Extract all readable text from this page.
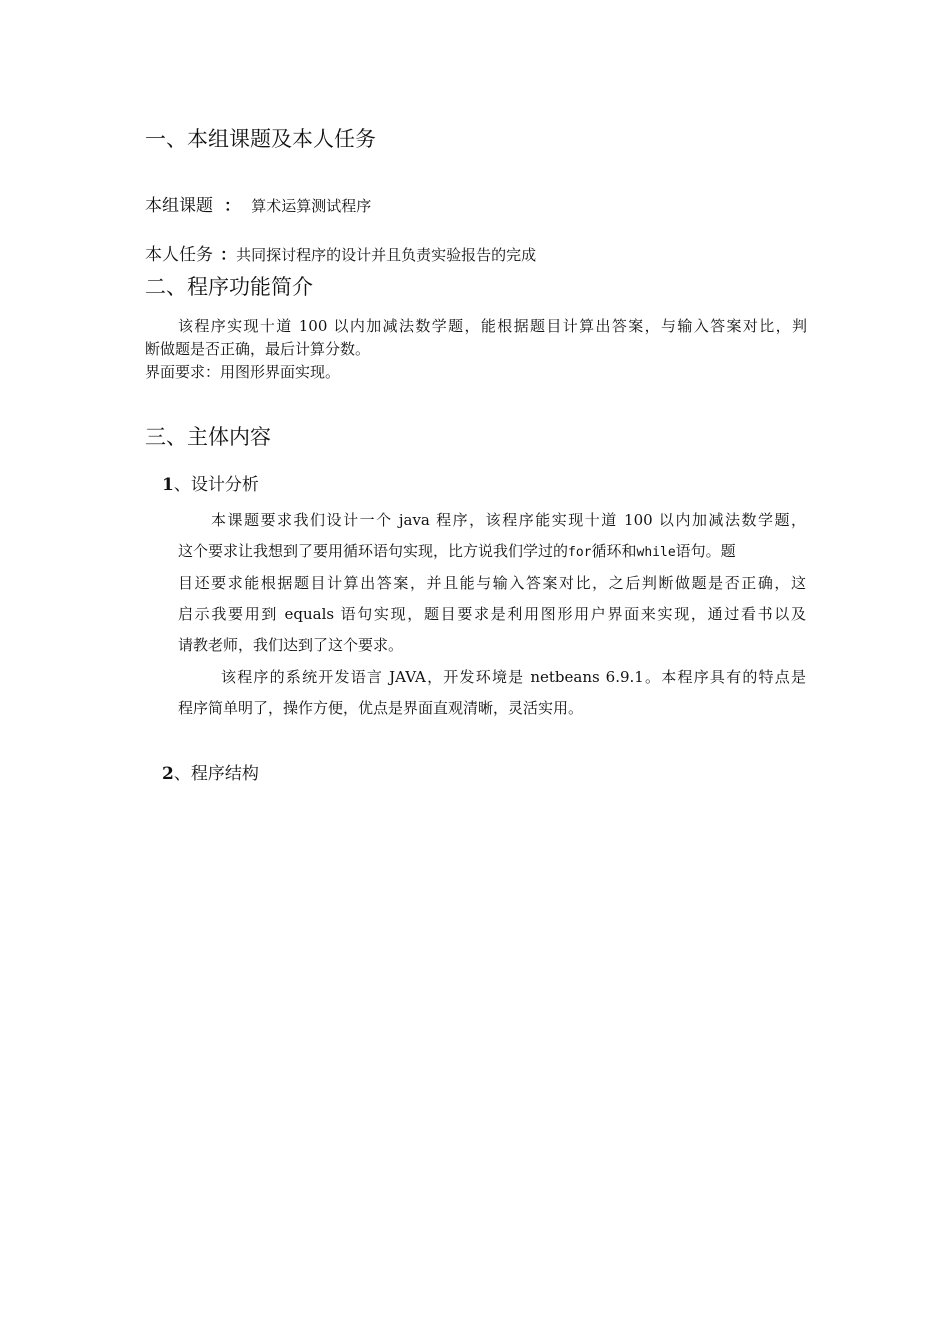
一、本组课题及本人任务
本组课题 ： 算术运算测试程序
本人任务 ：共同探讨程序的设计并且负责实验报告的完成
二、程序功能简介
该程序实现十道 100 以内加减法数学题，能根据题目计算出答案，与输入答案对比，判
断做题是否正确，最后计算分数。
界面要求：用图形界面实现。
三、主体内容
1、设计分析
本课题要求我们设计一个 java 程序，该程序能实现十道 100 以内加减法数学题，
这个要求让我想到了要用循环语句实现，比方说我们学过的for循环和while语句。题
目还要求能根据题目计算出答案，并且能与输入答案对比，之后判断做题是否正确，这
启示我要用到 equals 语句实现，题目要求是利用图形用户界面来实现，通过看书以及
请教老师，我们达到了这个要求。
该程序的系统开发语言 JAVA，开发环境是 netbeans 6.9.1。本程序具有的特点是
程序简单明了，操作方便，优点是界面直观清晰，灵活实用。
2、程序结构
